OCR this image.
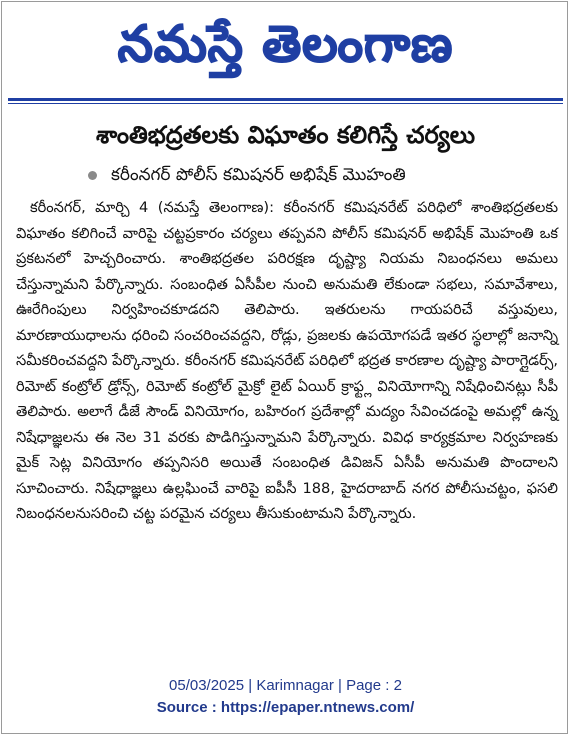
నమస్తే తెలంగాణ
శాంతిభద్రతలకు విఘాతం కలిగిస్తే చర్యలు
కరీంనగర్ పోలీస్ కమిషనర్ అభిషేక్ మొహంతి

కరీంనగర్, మార్చి 4 (నమస్తే తెలంగాణ): కరీంనగర్ కమిషనరేట్ పరిధిలో శాంతిభద్రతలకు విఘాతం కలిగించే వారిపై చట్టప్రకారం చర్యలు తప్పవని పోలీస్ కమిషనర్ అభిషేక్ మొహంతి ఒక ప్రకటనలో హెచ్చరించారు. శాంతిభద్రతల పరిరక్షణ దృష్ట్యా నియమ నిబంధనలు అమలు చేస్తున్నామని పేర్కొన్నారు. సంబంధిత ఏసీపీల నుంచి అనుమతి లేకుండా సభలు, సమావేశాలు, ఊరేగింపులు నిర్వహించకూడదని తెలిపారు. ఇతరులను గాయపరిచే వస్తువులు, మారణాయుధాలను ధరించి సంచరించవద్దని, రోడ్లు, ప్రజలకు ఉపయోగపడే ఇతర స్థలాల్లో జనాన్ని సమీకరించవద్దని పేర్కొన్నారు. కరీంనగర్ కమిషనరేట్ పరిధిలో భద్రత కారణాల దృష్ట్యా పారాగ్లైడర్స్, రిమోట్ కంట్రోల్ డ్రోన్స్, రిమోట్ కంట్రోల్ మైక్రో లైట్ ఏయిర్ క్రాఫ్ట్ల వినియోగాన్ని నిషేధించినట్లు సీపీ తెలిపారు. అలాగే డీజే సౌండ్ వినియోగం, బహిరంగ ప్రదేశాల్లో మద్యం సేవించడంపై అమల్లో ఉన్న నిషేధాజ్ఞలను ఈ నెల 31 వరకు పొడిగిస్తున్నామని పేర్కొన్నారు. వివిధ కార్యక్రమాల నిర్వహణకు మైక్ సెట్ల వినియోగం తప్పనిసరి అయితే సంబంధిత డివిజన్ ఏసీపీ అనుమతి పొందాలని సూచించారు. నిషేధాజ్ఞలు ఉల్లఘించే వారిపై ఐపీసీ 188, హైదరాబాద్ నగర పోలీసుచట్టం, ఫసలి నిబంధనలనుసరించి చట్ట పరమైన చర్యలు తీసుకుంటామని పేర్కొన్నారు.

05/03/2025 | Karimnagar | Page : 2
Source : https://epaper.ntnews.com/
